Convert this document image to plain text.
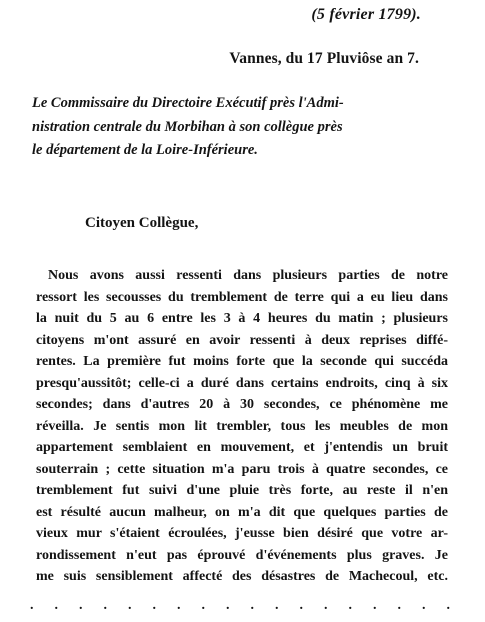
(5 février 1799).
Vannes, du 17 Pluviôse an 7.
Le Commissaire du Directoire Exécutif près l'Admi-
nistration centrale du Morbihan à son collègue près
le département de la Loire-Inférieure.
Citoyen Collègue,
Nous avons aussi ressenti dans plusieurs parties de notre
ressort les secousses du tremblement de terre qui a eu lieu dans
la nuit du 5 au 6 entre les 3 à 4 heures du matin ; plusieurs
citoyens m'ont assuré en avoir ressenti à deux reprises diffé-
rentes. La première fut moins forte que la seconde qui succéda
presqu'aussitôt; celle-ci a duré dans certains endroits, cinq à six
secondes; dans d'autres 20 à 30 secondes, ce phénomène me
réveilla. Je sentis mon lit trembler, tous les meubles de mon
appartement semblaient en mouvement, et j'entendis un bruit
souterrain ; cette situation m'a paru trois à quatre secondes, ce
tremblement fut suivi d'une pluie très forte, au reste il n'en
est résulté aucun malheur, on m'a dit que quelques parties de
vieux mur s'étaient écroulées, j'eusse bien désiré que votre ar-
rondissement n'eut pas éprouvé d'événements plus graves. Je
me suis sensiblement affecté des désastres de Machecoul, etc.
. . . . . . . . . . . . . . . . . .
